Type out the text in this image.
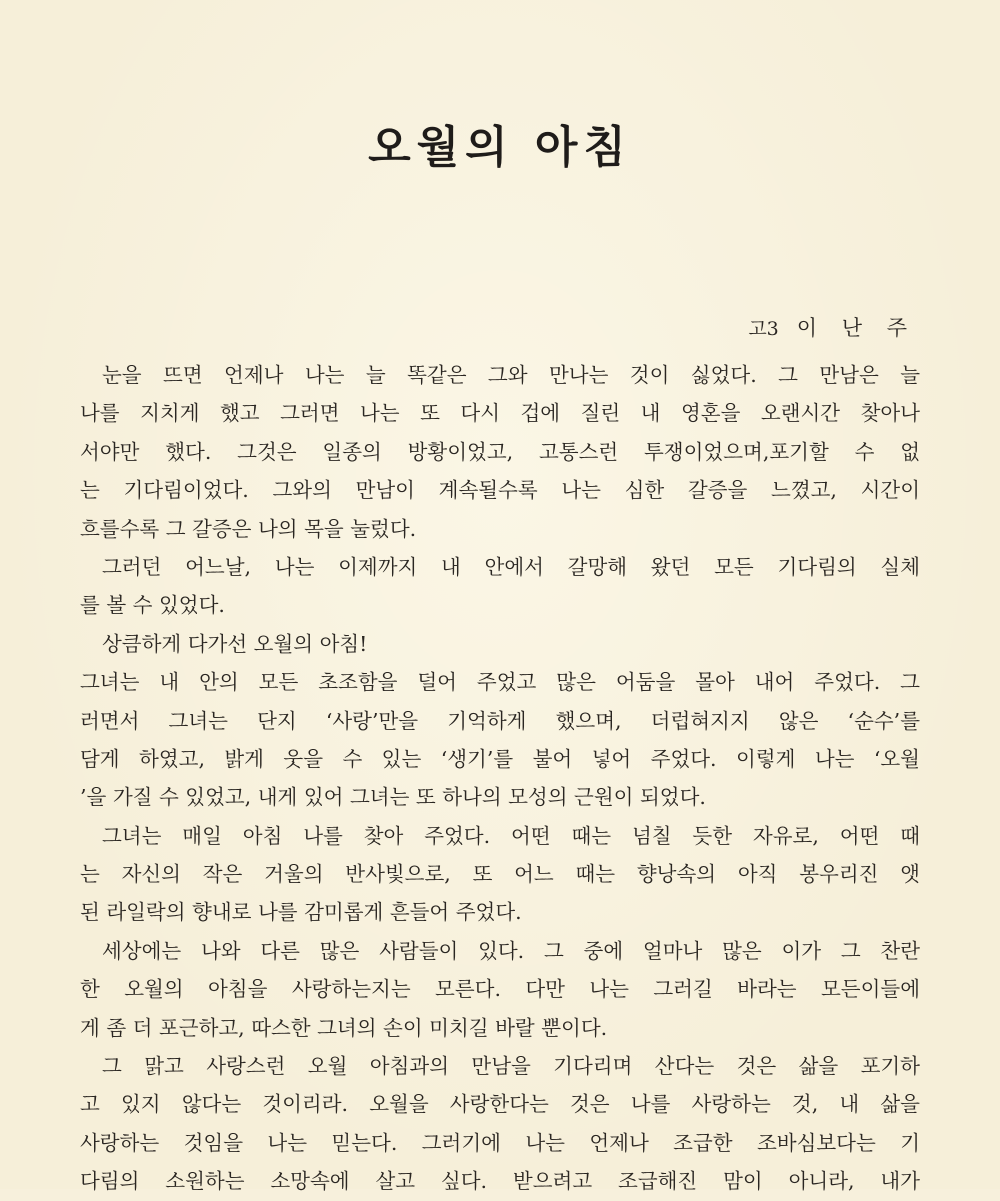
오월의 아침
고3 이 난 주
눈을 뜨면 언제나 나는 늘 똑같은 그와 만나는 것이 싫었다. 그 만남은 늘
나를 지치게 했고 그러면 나는 또 다시 겁에 질린 내 영혼을 오랜시간 찾아나
서야만 했다. 그것은 일종의 방황이었고, 고통스런 투쟁이었으며,포기할 수 없
는 기다림이었다. 그와의 만남이 계속될수록 나는 심한 갈증을 느꼈고, 시간이
흐를수록 그 갈증은 나의 목을 눌렀다.
그러던 어느날, 나는 이제까지 내 안에서 갈망해 왔던 모든 기다림의 실체
를 볼 수 있었다.
상큼하게 다가선 오월의 아침!
그녀는 내 안의 모든 초조함을 덜어 주었고 많은 어둠을 몰아 내어 주었다. 그
러면서 그녀는 단지 ‘사랑’만을 기억하게 했으며, 더럽혀지지 않은 ‘순수’를
담게 하였고, 밝게 웃을 수 있는 ‘생기’를 불어 넣어 주었다. 이렇게 나는 ‘오월
’을 가질 수 있었고, 내게 있어 그녀는 또 하나의 모성의 근원이 되었다.
그녀는 매일 아침 나를 찾아 주었다. 어떤 때는 넘칠 듯한 자유로, 어떤 때
는 자신의 작은 거울의 반사빛으로, 또 어느 때는 향낭속의 아직 봉우리진 앳
된 라일락의 향내로 나를 감미롭게 흔들어 주었다.
세상에는 나와 다른 많은 사람들이 있다. 그 중에 얼마나 많은 이가 그 찬란
한 오월의 아침을 사랑하는지는 모른다. 다만 나는 그러길 바라는 모든이들에
게 좀 더 포근하고, 따스한 그녀의 손이 미치길 바랄 뿐이다.
그 맑고 사랑스런 오월 아침과의 만남을 기다리며 산다는 것은 삶을 포기하
고 있지 않다는 것이리라. 오월을 사랑한다는 것은 나를 사랑하는 것, 내 삶을
사랑하는 것임을 나는 믿는다. 그러기에 나는 언제나 조급한 조바심보다는 기
다림의 소원하는 소망속에 살고 싶다. 받으려고 조급해진 맘이 아니라, 내가
